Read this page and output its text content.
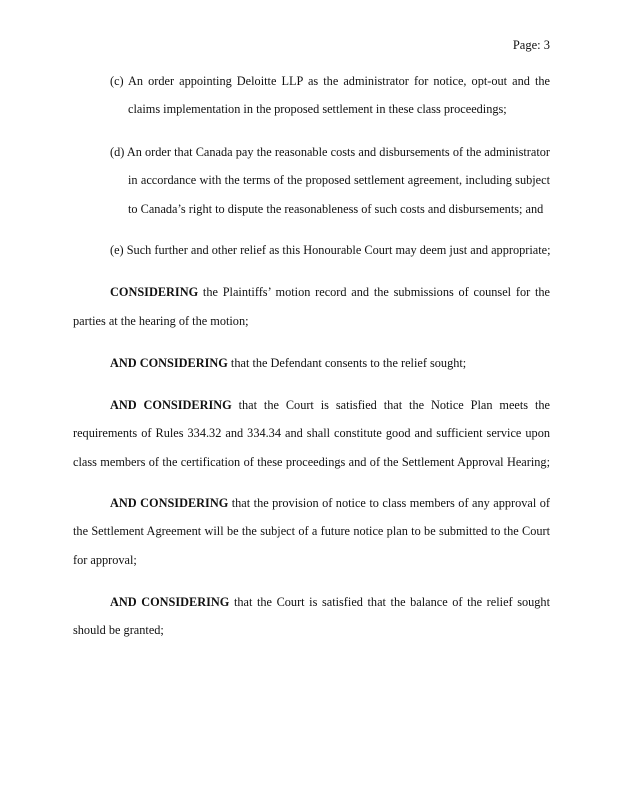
Page: 3
(c) An order appointing Deloitte LLP as the administrator for notice, opt-out and the
claims implementation in the proposed settlement in these class proceedings;
(d) An order that Canada pay the reasonable costs and disbursements of the administrator
in accordance with the terms of the proposed settlement agreement, including subject
to Canada’s right to dispute the reasonableness of such costs and disbursements; and
(e) Such further and other relief as this Honourable Court may deem just and appropriate;
CONSIDERING the Plaintiffs’ motion record and the submissions of counsel for the
parties at the hearing of the motion;
AND CONSIDERING that the Defendant consents to the relief sought;
AND CONSIDERING that the Court is satisfied that the Notice Plan meets the
requirements of Rules 334.32 and 334.34 and shall constitute good and sufficient service upon
class members of the certification of these proceedings and of the Settlement Approval Hearing;
AND CONSIDERING that the provision of notice to class members of any approval of
the Settlement Agreement will be the subject of a future notice plan to be submitted to the Court
for approval;
AND CONSIDERING that the Court is satisfied that the balance of the relief sought
should be granted;
